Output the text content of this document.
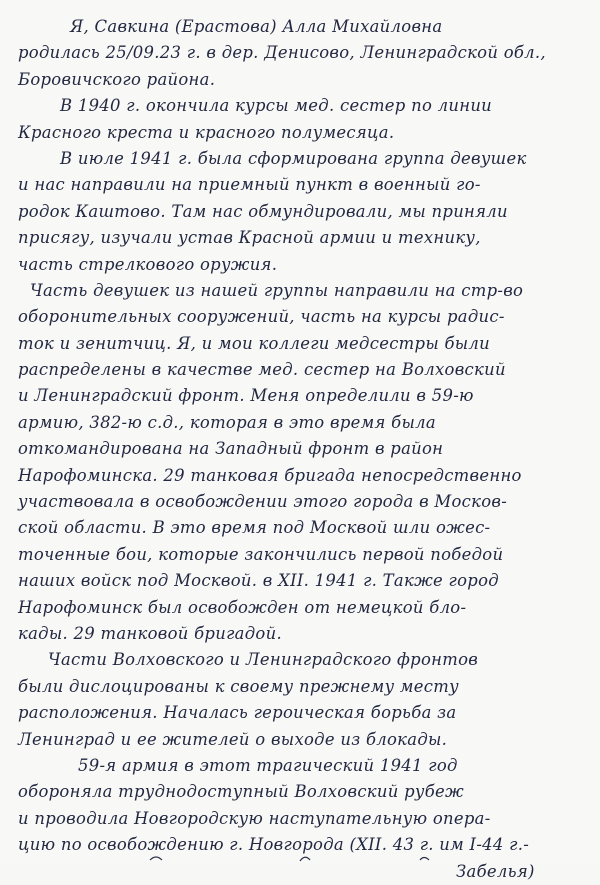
Я, Савкина (Ерастова) Алла Михайловна
родилась 25/09.23 г. в дер. Денисово, Ленинградской обл.,
Боровичского района.
В 1940 г. окончила курсы мед. сестер по линии
Красного креста и красного полумесяца.
В июле 1941 г. была сформирована группа девушек
и нас направили на приемный пункт в военный го-
родок Каштово. Там нас обмундировали, мы приняли
присягу, изучали устав Красной армии и технику,
часть стрелкового оружия.
Часть девушек из нашей группы направили на стр-во
оборонительных сооружений, часть на курсы радис-
ток и зенитчиц. Я, и мои коллеги медсестры были
распределены в качестве мед. сестер на Волховский
и Ленинградский фронт. Меня определили в 59-ю
армию, 382-ю с.д., которая в это время была
откомандирована на Западный фронт в район
Нарофоминска. 29 танковая бригада непосредственно
участвовала в освобождении этого города в Москов-
ской области. В это время под Москвой шли ожес-
точенные бои, которые закончились первой победой
наших войск под Москвой. в XII. 1941 г. Также город
Нарофоминск был освобожден от немецкой бло-
кады. 29 танковой бригадой.
Части Волховского и Ленинградского фронтов
были дислоцированы к своему прежнему месту
расположения. Началась героическая борьба за
Ленинград и ее жителей о выходе из блокады.
59-я армия в этот трагический 1941 год
обороняла труднодоступный Волховский рубеж
и проводила Новгородскую наступательную опера-
цию по освобождению г. Новгорода (XII. 43 г. им I-44 г.-
Забелья)
